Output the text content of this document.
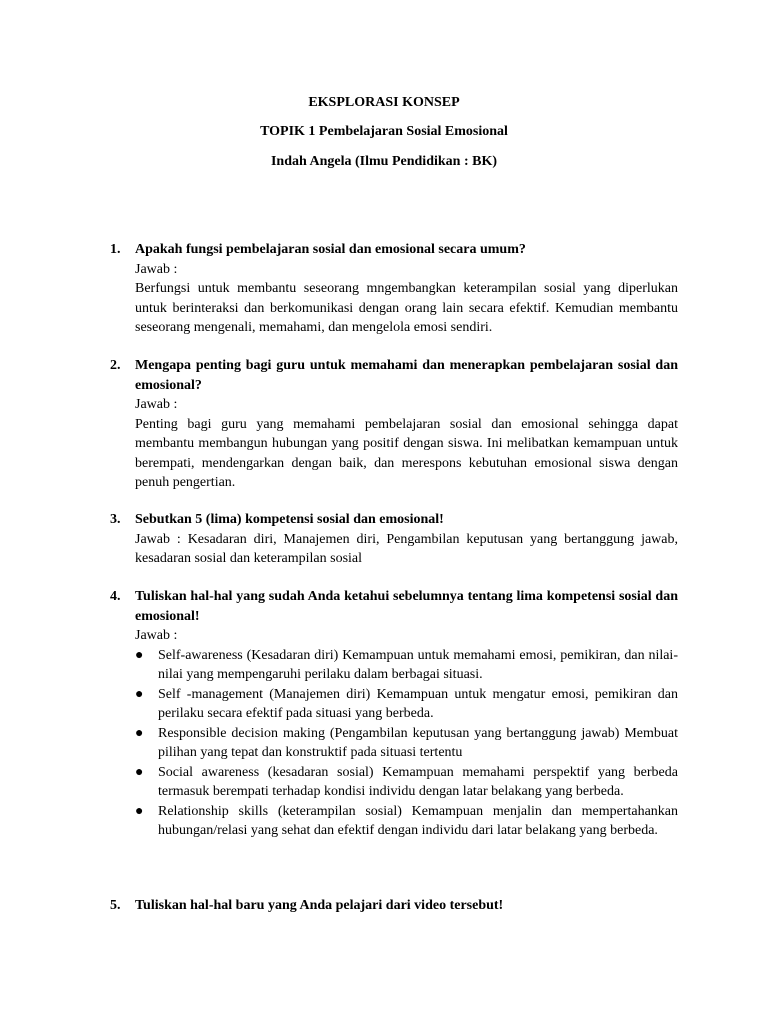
EKSPLORASI KONSEP

TOPIK 1 Pembelajaran Sosial Emosional

Indah Angela (Ilmu Pendidikan : BK)

1.	Apakah fungsi pembelajaran sosial dan emosional secara umum?

Jawab :

Berfungsi untuk membantu seseorang mngembangkan keterampilan sosial yang diperlukan untuk berinteraksi dan berkomunikasi dengan orang lain secara efektif. Kemudian membantu seseorang mengenali, memahami, dan mengelola emosi sendiri.

2.	Mengapa penting bagi guru untuk memahami dan menerapkan pembelajaran sosial dan emosional?

Jawab :

Penting bagi guru yang memahami pembelajaran sosial dan emosional sehingga dapat membantu membangun hubungan yang positif dengan siswa. Ini melibatkan kemampuan untuk berempati, mendengarkan dengan baik, dan merespons kebutuhan emosional siswa dengan penuh pengertian.

3.	Sebutkan 5 (lima) kompetensi sosial dan emosional!

Jawab : Kesadaran diri, Manajemen diri, Pengambilan keputusan yang bertanggung jawab, kesadaran sosial dan keterampilan sosial

4.	Tuliskan hal-hal yang sudah Anda ketahui sebelumnya tentang lima kompetensi sosial dan emosional!

Jawab :

● Self-awareness (Kesadaran diri) Kemampuan untuk memahami emosi, pemikiran, dan nilai-nilai yang mempengaruhi perilaku dalam berbagai situasi.
● Self -management (Manajemen diri) Kemampuan untuk mengatur emosi, pemikiran dan perilaku secara efektif pada situasi yang berbeda.
● Responsible decision making (Pengambilan keputusan yang bertanggung jawab) Membuat pilihan yang tepat dan konstruktif pada situasi tertentu
● Social awareness (kesadaran sosial) Kemampuan memahami perspektif yang berbeda termasuk berempati terhadap kondisi individu dengan latar belakang yang berbeda.
● Relationship skills (keterampilan sosial) Kemampuan menjalin dan mempertahankan hubungan/relasi yang sehat dan efektif dengan individu dari latar belakang yang berbeda.
5.	Tuliskan hal-hal baru yang Anda pelajari dari video tersebut!
